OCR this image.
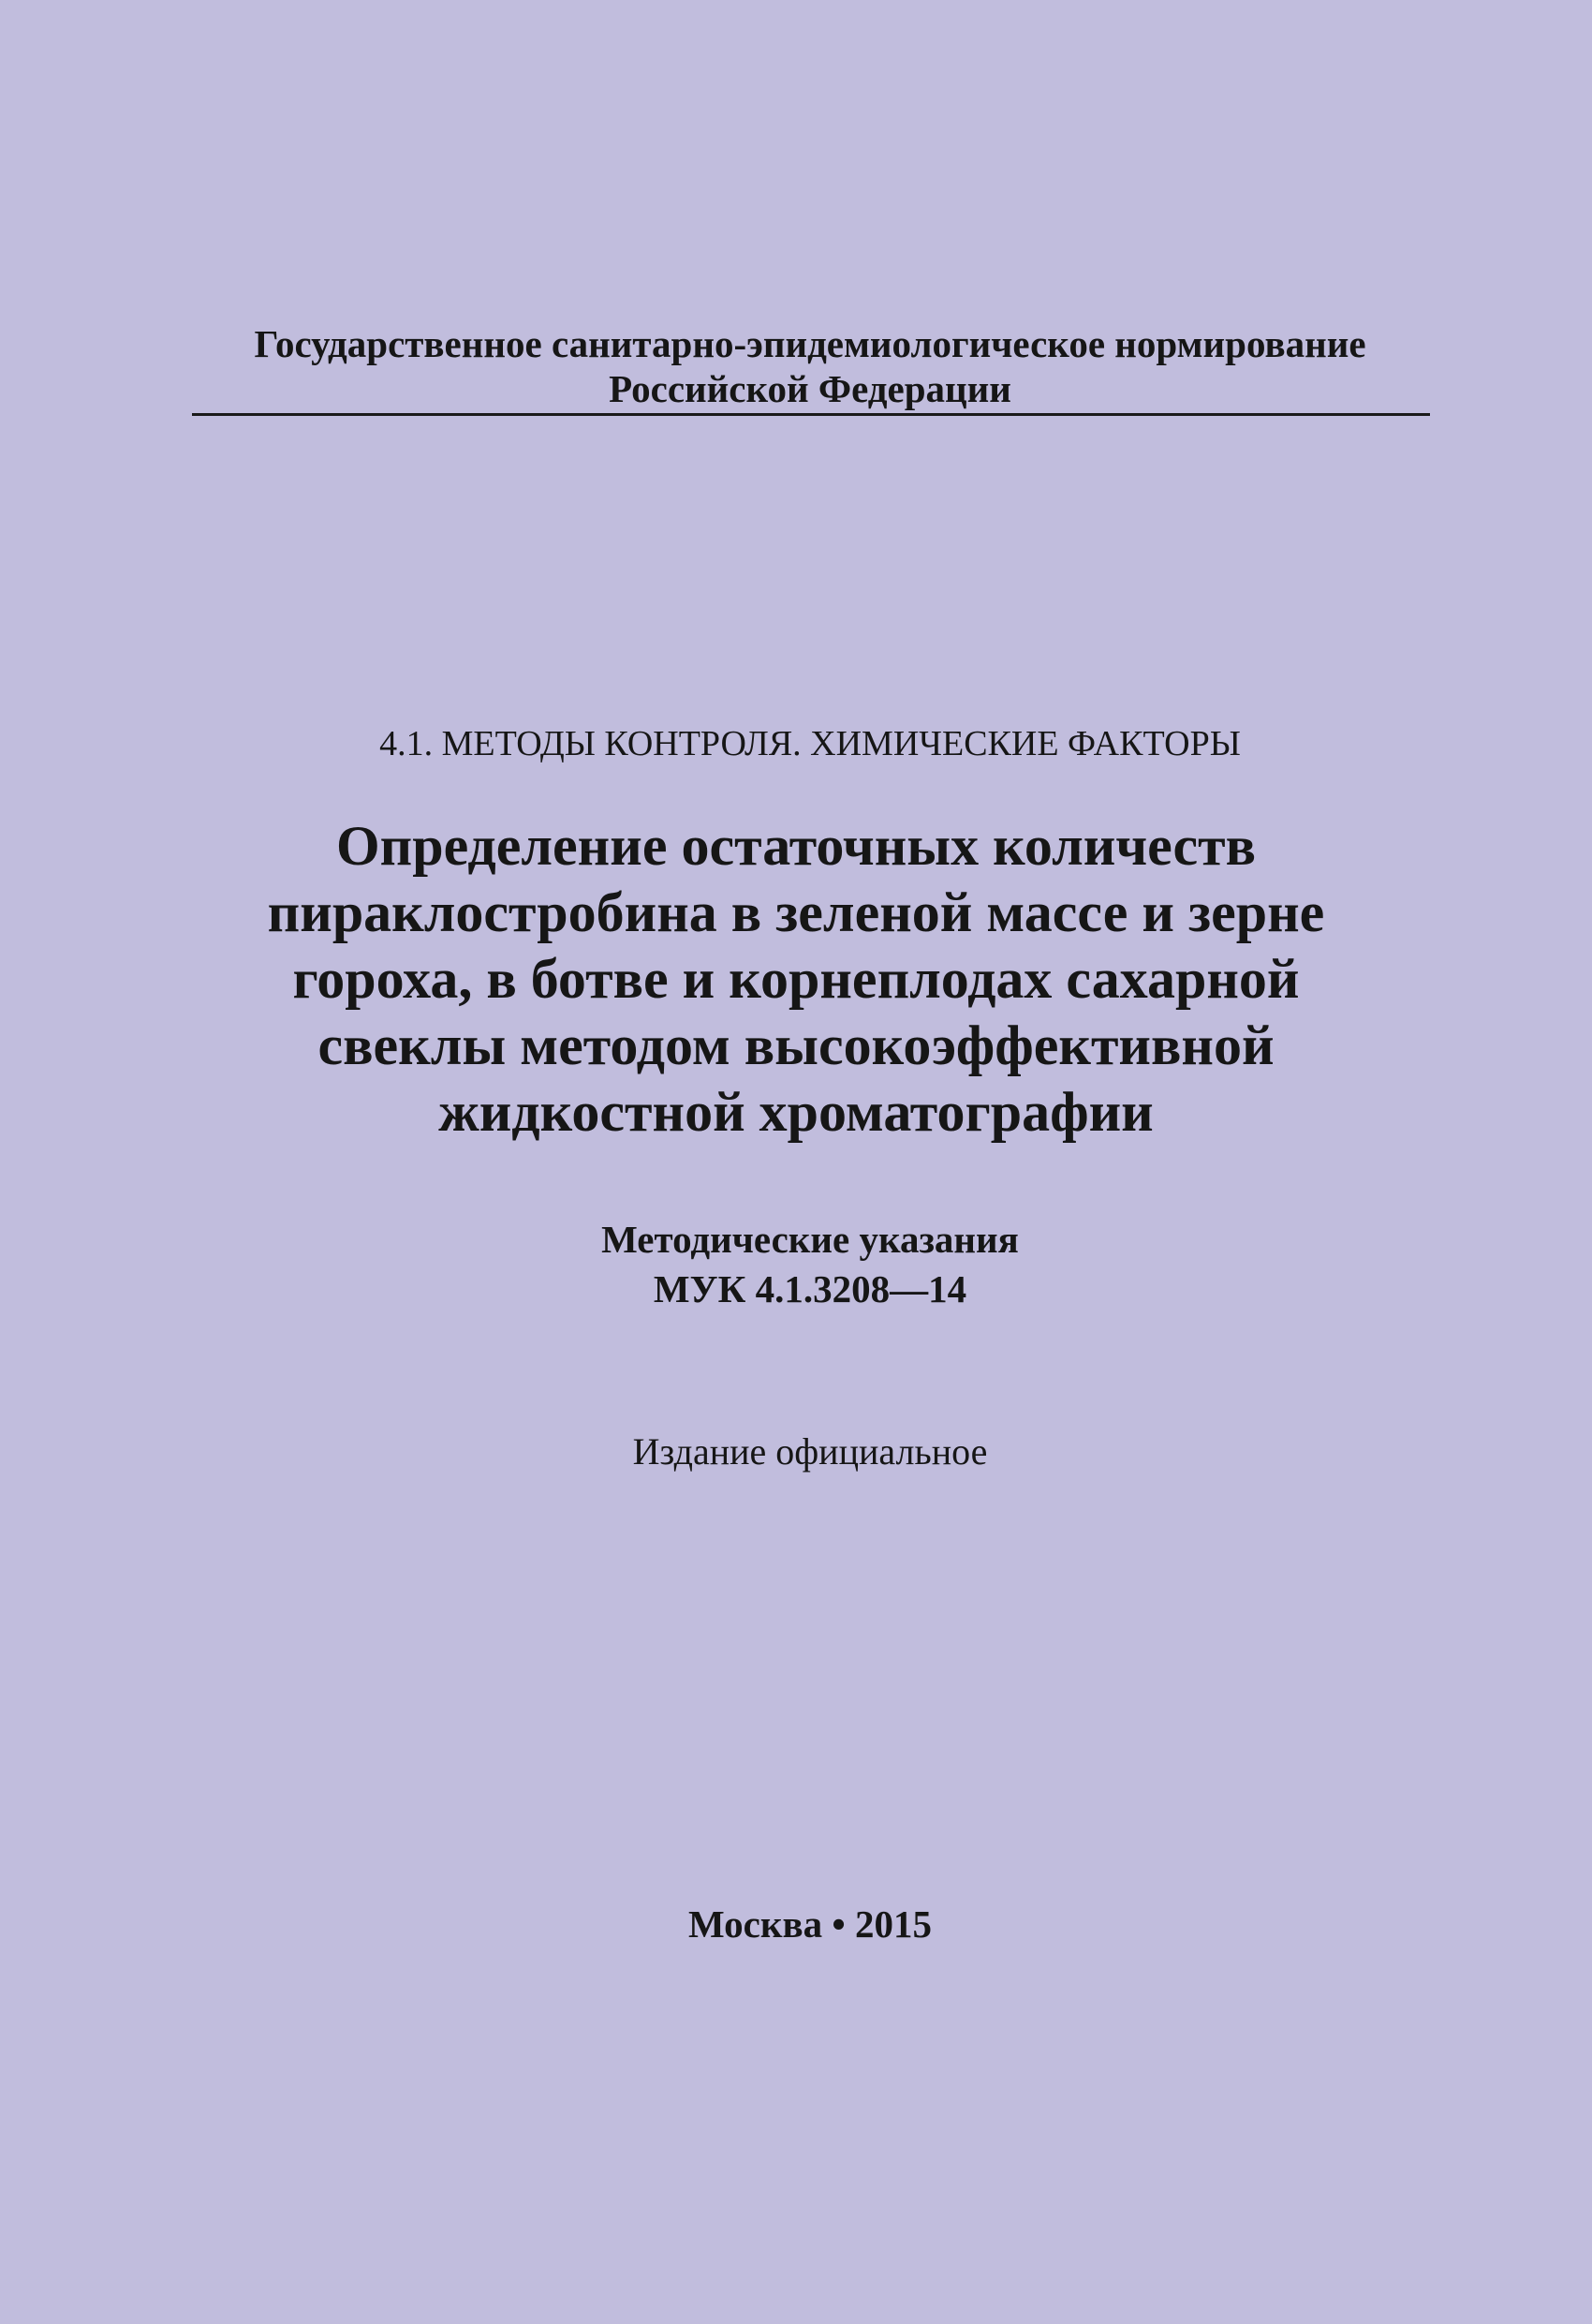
Государственное санитарно-эпидемиологическое нормирование
Российской Федерации
4.1. МЕТОДЫ КОНТРОЛЯ. ХИМИЧЕСКИЕ ФАКТОРЫ
Определение остаточных количеств
пираклостробина в зеленой массе и зерне
гороха, в ботве и корнеплодах сахарной
свеклы методом высокоэффективной
жидкостной хроматографии
Методические указания
МУК 4.1.3208—14
Издание официальное
Москва • 2015
